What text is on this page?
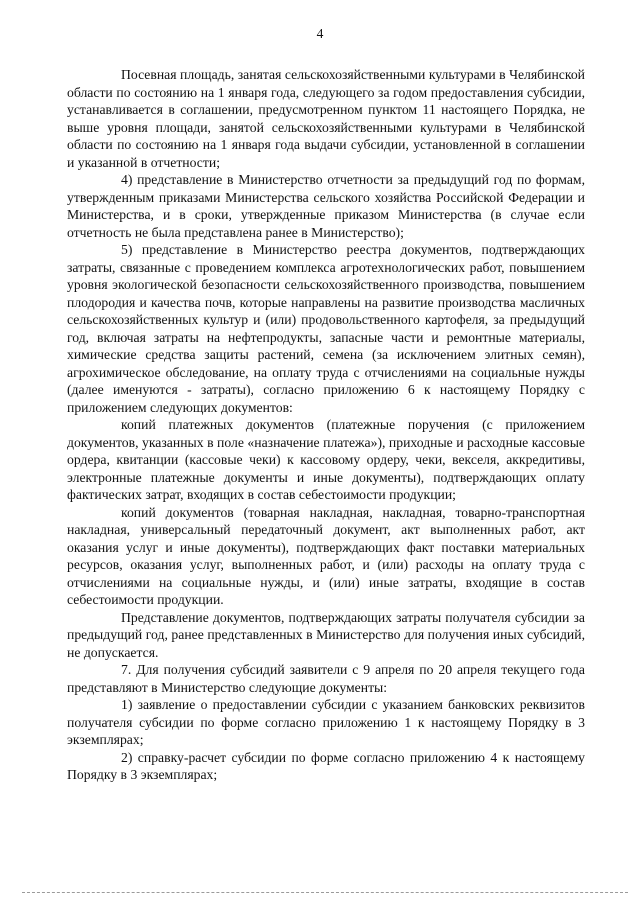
4

Посевная площадь, занятая сельскохозяйственными культурами в Челябинской области по состоянию на 1 января года, следующего за годом предоставления субсидии, устанавливается в соглашении, предусмотренном пунктом 11 настоящего Порядка, не выше уровня площади, занятой сельскохозяйственными культурами в Челябинской области по состоянию на 1 января года выдачи субсидии, установленной в соглашении и указанной в отчетности;

4) представление в Министерство отчетности за предыдущий год по формам, утвержденным приказами Министерства сельского хозяйства Российской Федерации и Министерства, и в сроки, утвержденные приказом Министерства (в случае если отчетность не была представлена ранее в Министерство);

5) представление в Министерство реестра документов, подтверждающих затраты, связанные с проведением комплекса агротехнологических работ, повышением уровня экологической безопасности сельскохозяйственного производства, повышением плодородия и качества почв, которые направлены на развитие производства масличных сельскохозяйственных культур и (или) продовольственного картофеля, за предыдущий год, включая затраты на нефтепродукты, запасные части и ремонтные материалы, химические средства защиты растений, семена (за исключением элитных семян), агрохимическое обследование, на оплату труда с отчислениями на социальные нужды (далее именуются - затраты), согласно приложению 6 к настоящему Порядку с приложением следующих документов:

копий платежных документов (платежные поручения (с приложением документов, указанных в поле «назначение платежа»), приходные и расходные кассовые ордера, квитанции (кассовые чеки) к кассовому ордеру, чеки, векселя, аккредитивы, электронные платежные документы и иные документы), подтверждающих оплату фактических затрат, входящих в состав себестоимости продукции;

копий документов (товарная накладная, накладная, товарно-транспортная накладная, универсальный передаточный документ, акт выполненных работ, акт оказания услуг и иные документы), подтверждающих факт поставки материальных ресурсов, оказания услуг, выполненных работ, и (или) расходы на оплату труда с отчислениями на социальные нужды, и (или) иные затраты, входящие в состав себестоимости продукции.

Представление документов, подтверждающих затраты получателя субсидии за предыдущий год, ранее представленных в Министерство для получения иных субсидий, не допускается.

7. Для получения субсидий заявители с 9 апреля по 20 апреля текущего года представляют в Министерство следующие документы:

1) заявление о предоставлении субсидии с указанием банковских реквизитов получателя субсидии по форме согласно приложению 1 к настоящему Порядку в 3 экземплярах;

2) справку-расчет субсидии по форме согласно приложению 4 к настоящему Порядку в 3 экземплярах;
